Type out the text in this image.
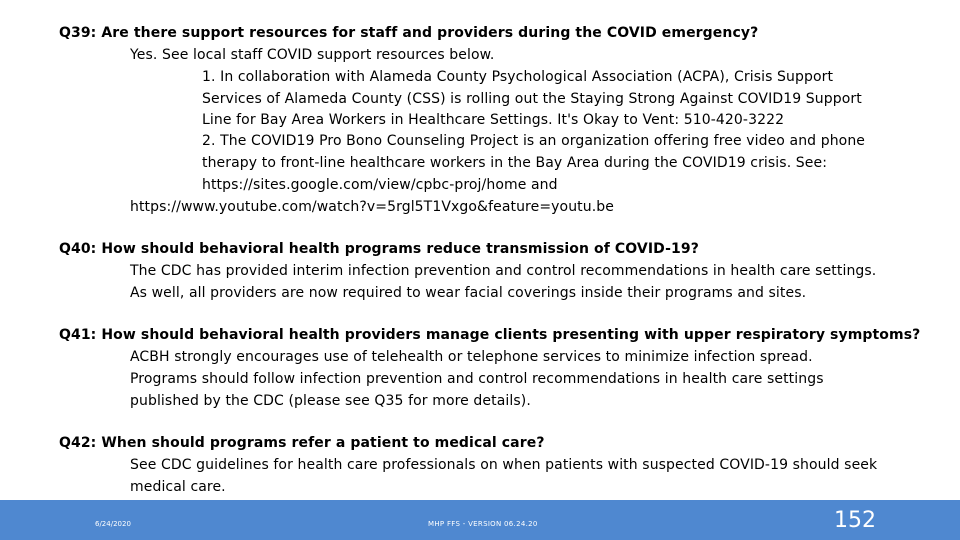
Q39: Are there support resources for staff and providers during the COVID emergency?
Yes. See local staff COVID support resources below.
1. In collaboration with Alameda County Psychological Association (ACPA), Crisis Support
Services of Alameda County (CSS) is rolling out the Staying Strong Against COVID19 Support
Line for Bay Area Workers in Healthcare Settings. It's Okay to Vent: 510-420-3222
2. The COVID19 Pro Bono Counseling Project is an organization offering free video and phone
therapy to front-line healthcare workers in the Bay Area during the COVID19 crisis. See:
https://sites.google.com/view/cpbc-proj/home and
https://www.youtube.com/watch?v=5rgl5T1Vxgo&feature=youtu.be
Q40: How should behavioral health programs reduce transmission of COVID-19?
The CDC has provided interim infection prevention and control recommendations in health care settings.
As well, all providers are now required to wear facial coverings inside their programs and sites.
Q41: How should behavioral health providers manage clients presenting with upper respiratory symptoms?
ACBH strongly encourages use of telehealth or telephone services to minimize infection spread.
Programs should follow infection prevention and control recommendations in health care settings
published by the CDC (please see Q35 for more details).
Q42: When should programs refer a patient to medical care?
See CDC guidelines for health care professionals on when patients with suspected COVID-19 should seek
medical care.
6/24/2020	MHP FFS - VERSION 06.24.20	152
